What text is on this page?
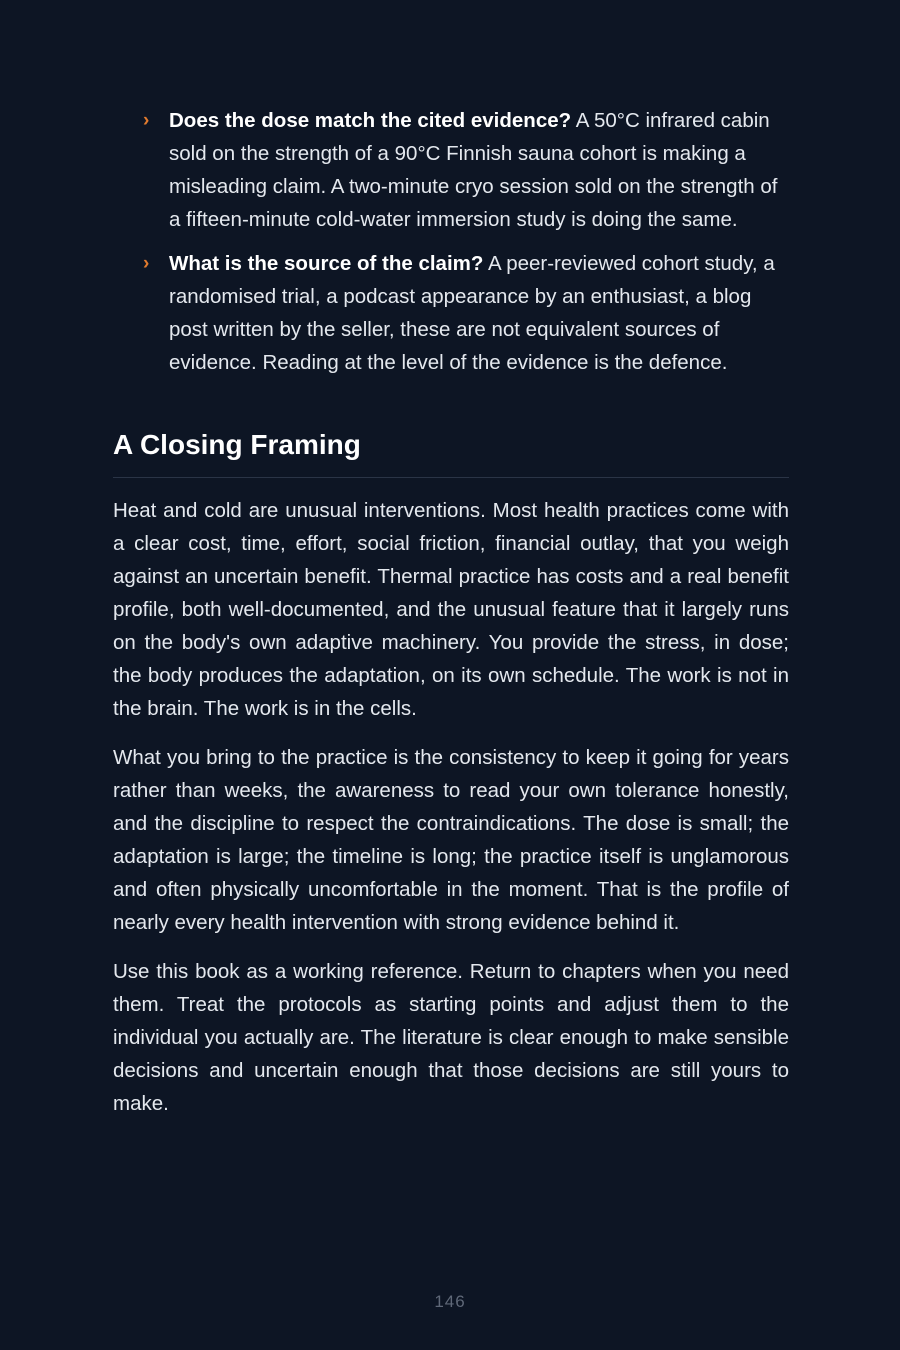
› Does the dose match the cited evidence? A 50°C infrared cabin sold on the strength of a 90°C Finnish sauna cohort is making a misleading claim. A two-minute cryo session sold on the strength of a fifteen-minute cold-water immersion study is doing the same.
› What is the source of the claim? A peer-reviewed cohort study, a randomised trial, a podcast appearance by an enthusiast, a blog post written by the seller, these are not equivalent sources of evidence. Reading at the level of the evidence is the defence.
A Closing Framing

Heat and cold are unusual interventions. Most health practices come with a clear cost, time, effort, social friction, financial outlay, that you weigh against an uncertain benefit. Thermal practice has costs and a real benefit profile, both well-documented, and the unusual feature that it largely runs on the body's own adaptive machinery. You provide the stress, in dose; the body produces the adaptation, on its own schedule. The work is not in the brain. The work is in the cells.

What you bring to the practice is the consistency to keep it going for years rather than weeks, the awareness to read your own tolerance honestly, and the discipline to respect the contraindications. The dose is small; the adaptation is large; the timeline is long; the practice itself is unglamorous and often physically uncomfortable in the moment. That is the profile of nearly every health intervention with strong evidence behind it.

Use this book as a working reference. Return to chapters when you need them. Treat the protocols as starting points and adjust them to the individual you actually are. The literature is clear enough to make sensible decisions and uncertain enough that those decisions are still yours to make.

146
